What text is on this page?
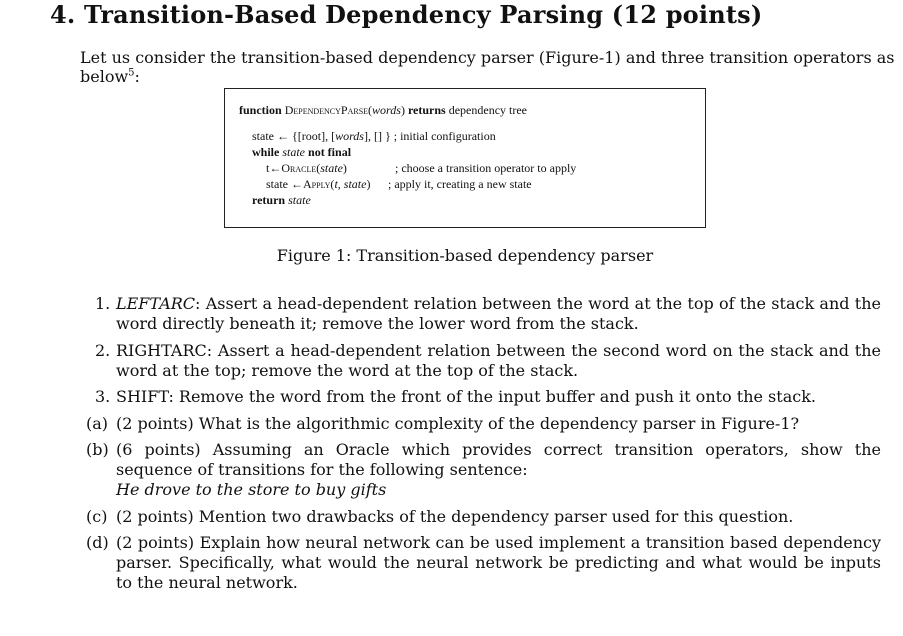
4. Transition-Based Dependency Parsing (12 points)
Let us consider the transition-based dependency parser (Figure-1) and three transition operators as below$^5$:
function DependencyParse(words) returns dependency tree
state ← {[root], [words], [] } ; initial configuration
while state not final
t←Oracle(state)	; choose a transition operator to apply
state ←Apply(t, state) ; apply it, creating a new state
return state
Figure 1: Transition-based dependency parser
1. LEFTARC: Assert a head-dependent relation between the word at the top of the stack and the word directly beneath it; remove the lower word from the stack.
2. RIGHTARC: Assert a head-dependent relation between the second word on the stack and the word at the top; remove the word at the top of the stack.
3. SHIFT: Remove the word from the front of the input buffer and push it onto the stack.
(a) (2 points) What is the algorithmic complexity of the dependency parser in Figure-1?
(b) (6 points) Assuming an Oracle which provides correct transition operators, show the sequence of transitions for the following sentence:
He drove to the store to buy gifts
(c) (2 points) Mention two drawbacks of the dependency parser used for this question.
(d) (2 points) Explain how neural network can be used implement a transition based dependency parser. Specifically, what would the neural network be predicting and what would be inputs to the neural network.
